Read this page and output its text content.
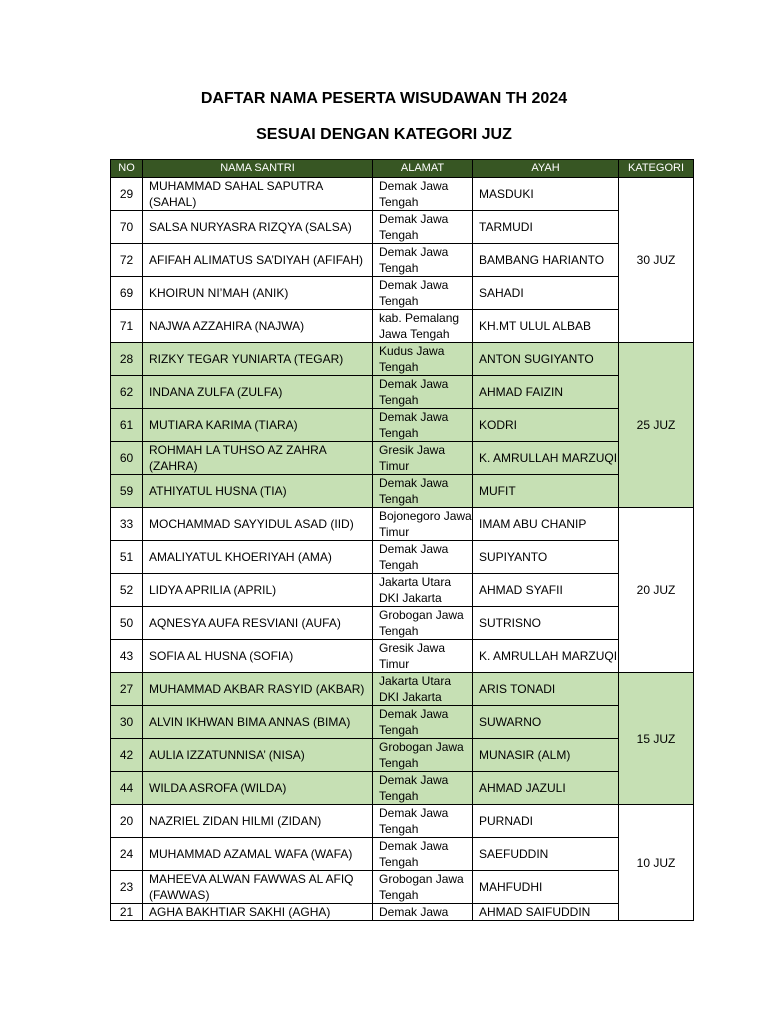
DAFTAR NAMA PESERTA WISUDAWAN TH 2024
SESUAI DENGAN KATEGORI JUZ
NO	NAMA SANTRI	ALAMAT	AYAH	KATEGORI
29	MUHAMMAD SAHAL SAPUTRA (SAHAL)	Demak Jawa Tengah	MASDUKI	30 JUZ
70	SALSA NURYASRA RIZQYA (SALSA)	Demak Jawa Tengah	TARMUDI	
72	AFIFAH ALIMATUS SA’DIYAH (AFIFAH)	Demak Jawa Tengah	BAMBANG HARIANTO	
69	KHOIRUN NI’MAH (ANIK)	Demak Jawa Tengah	SAHADI	
71	NAJWA AZZAHIRA (NAJWA)	kab. Pemalang Jawa Tengah	KH.MT ULUL ALBAB	
28	RIZKY TEGAR YUNIARTA (TEGAR)	Kudus Jawa Tengah	ANTON SUGIYANTO	25 JUZ
62	INDANA ZULFA (ZULFA)	Demak Jawa Tengah	AHMAD FAIZIN	
61	MUTIARA KARIMA (TIARA)	Demak Jawa Tengah	KODRI	
60	ROHMAH LA TUHSO AZ ZAHRA (ZAHRA)	Gresik Jawa Timur	K. AMRULLAH MARZUQI	
59	ATHIYATUL HUSNA (TIA)	Demak Jawa Tengah	MUFIT	
33	MOCHAMMAD SAYYIDUL ASAD (IID)	Bojonegoro Jawa Timur	IMAM ABU CHANIP	20 JUZ
51	AMALIYATUL KHOERIYAH (AMA)	Demak Jawa Tengah	SUPIYANTO	
52	LIDYA APRILIA (APRIL)	Jakarta Utara DKI Jakarta	AHMAD SYAFII	
50	AQNESYA AUFA RESVIANI (AUFA)	Grobogan Jawa Tengah	SUTRISNO	
43	SOFIA AL HUSNA (SOFIA)	Gresik Jawa Timur	K. AMRULLAH MARZUQI	
27	MUHAMMAD AKBAR RASYID (AKBAR)	Jakarta Utara DKI Jakarta	ARIS TONADI	15 JUZ
30	ALVIN IKHWAN BIMA ANNAS (BIMA)	Demak Jawa Tengah	SUWARNO	
42	AULIA IZZATUNNISA’ (NISA)	Grobogan Jawa Tengah	MUNASIR (ALM)	
44	WILDA ASROFA (WILDA)	Demak Jawa Tengah	AHMAD JAZULI	
20	NAZRIEL ZIDAN HILMI (ZIDAN)	Demak Jawa Tengah	PURNADI	10 JUZ
24	MUHAMMAD AZAMAL WAFA (WAFA)	Demak Jawa Tengah	SAEFUDDIN	
23	MAHEEVA ALWAN FAWWAS AL AFIQ (FAWWAS)	Grobogan Jawa Tengah	MAHFUDHI	
21	AGHA BAKHTIAR SAKHI (AGHA)	Demak Jawa	AHMAD SAIFUDDIN	
